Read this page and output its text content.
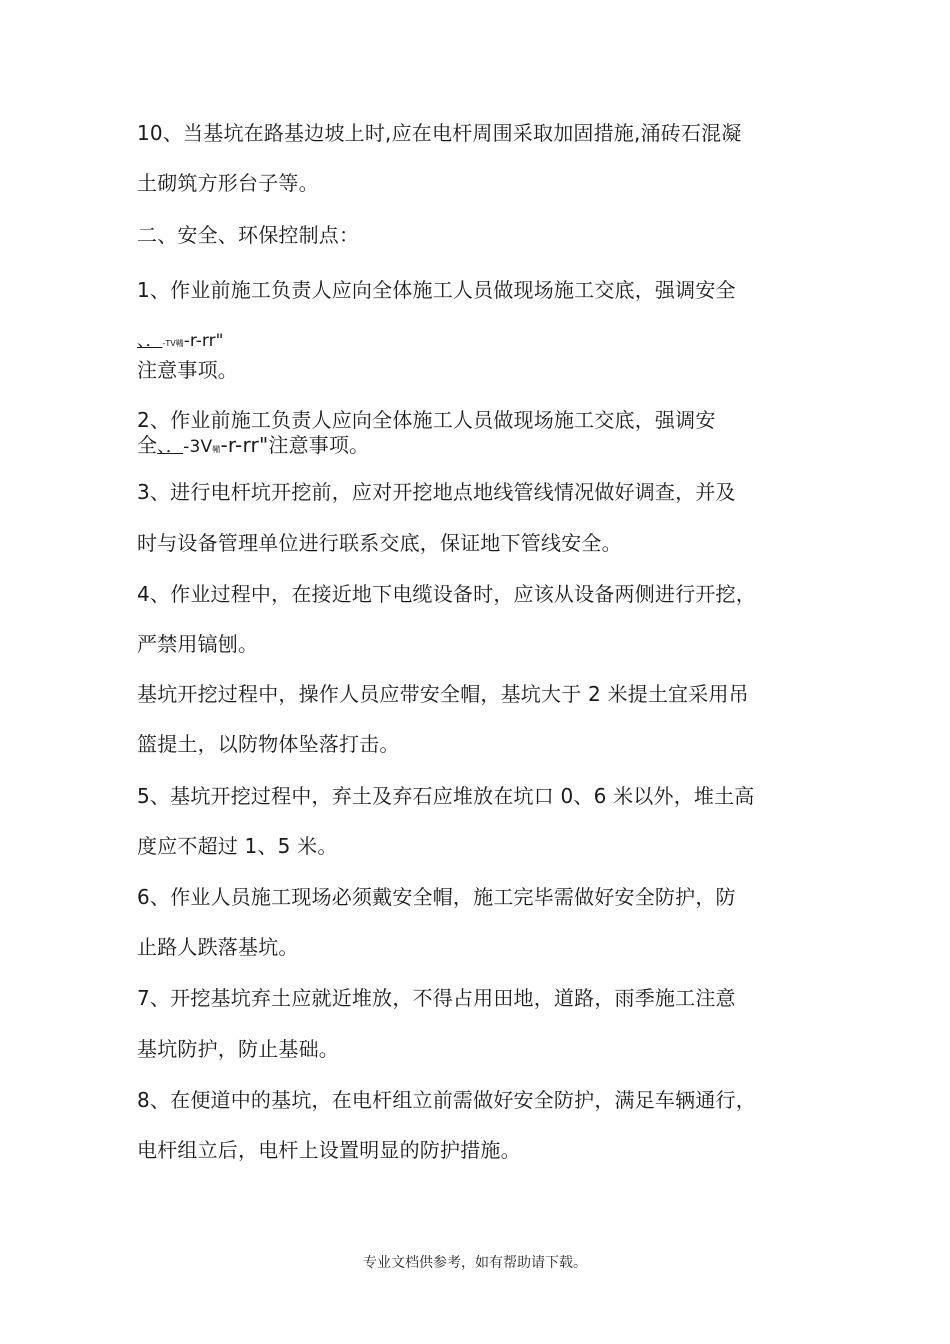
10、当基坑在路基边坡上时,应在电杆周围采取加固措施,涌砖石混凝
土砌筑方形台子等。
二、安全、环保控制点：
1、作业前施工负责人应向全体施工人员做现场施工交底，强调安全
、．-TV鞴-r-rr"
注意事项。
2、作业前施工负责人应向全体施工人员做现场施工交底，强调安
全、．-3V鞴-r-rr"注意事项。
3、进行电杆坑开挖前，应对开挖地点地线管线情况做好调查，并及
时与设备管理单位进行联系交底，保证地下管线安全。
4、作业过程中，在接近地下电缆设备时，应该从设备两侧进行开挖，
严禁用镐刨。
基坑开挖过程中，操作人员应带安全帽，基坑大于 2 米提土宜采用吊
篮提土，以防物体坠落打击。
5、基坑开挖过程中，弃土及弃石应堆放在坑口 0、6 米以外，堆土高
度应不超过 1、5 米。
6、作业人员施工现场必须戴安全帽，施工完毕需做好安全防护，防
止路人跌落基坑。
7、开挖基坑弃土应就近堆放，不得占用田地，道路，雨季施工注意
基坑防护，防止基础。
8、在便道中的基坑，在电杆组立前需做好安全防护，满足车辆通行，
电杆组立后，电杆上设置明显的防护措施。
专业文档供参考，如有帮助请下载。
